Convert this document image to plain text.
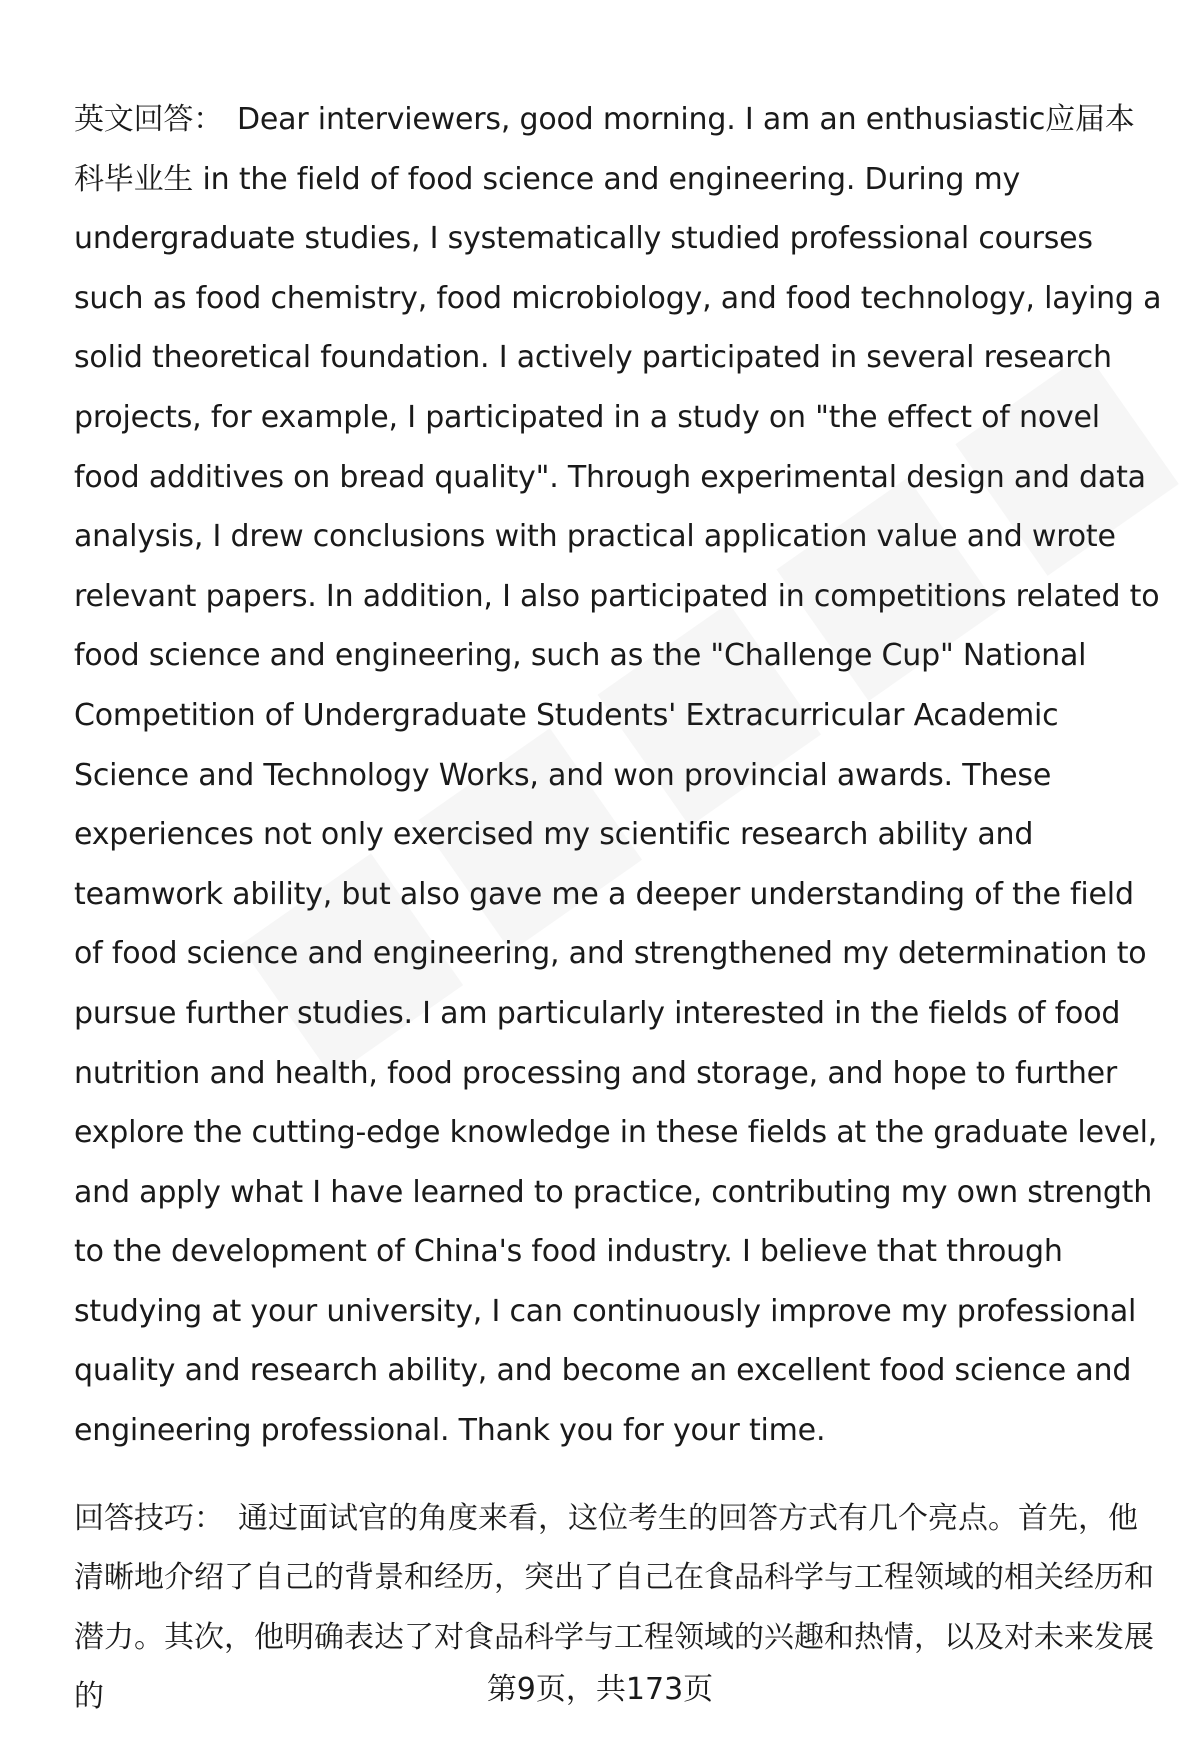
英文回答： Dear interviewers, good morning. I am an enthusiastic应届本科毕业生 in the field of food science and engineering. During my undergraduate studies, I systematically studied professional courses such as food chemistry, food microbiology, and food technology, laying a solid theoretical foundation. I actively participated in several research projects, for example, I participated in a study on "the effect of novel food additives on bread quality". Through experimental design and data analysis, I drew conclusions with practical application value and wrote relevant papers. In addition, I also participated in competitions related to food science and engineering, such as the "Challenge Cup" National Competition of Undergraduate Students' Extracurricular Academic Science and Technology Works, and won provincial awards. These experiences not only exercised my scientific research ability and teamwork ability, but also gave me a deeper understanding of the field of food science and engineering, and strengthened my determination to pursue further studies. I am particularly interested in the fields of food nutrition and health, food processing and storage, and hope to further explore the cutting-edge knowledge in these fields at the graduate level, and apply what I have learned to practice, contributing my own strength to the development of China's food industry. I believe that through studying at your university, I can continuously improve my professional quality and research ability, and become an excellent food science and engineering professional. Thank you for your time.

回答技巧： 通过面试官的角度来看，这位考生的回答方式有几个亮点。首先，他清晰地介绍了自己的背景和经历，突出了自己在食品科学与工程领域的相关经历和潜力。其次，他明确表达了对食品科学与工程领域的兴趣和热情，以及对未来发展的	第9页，共173页
